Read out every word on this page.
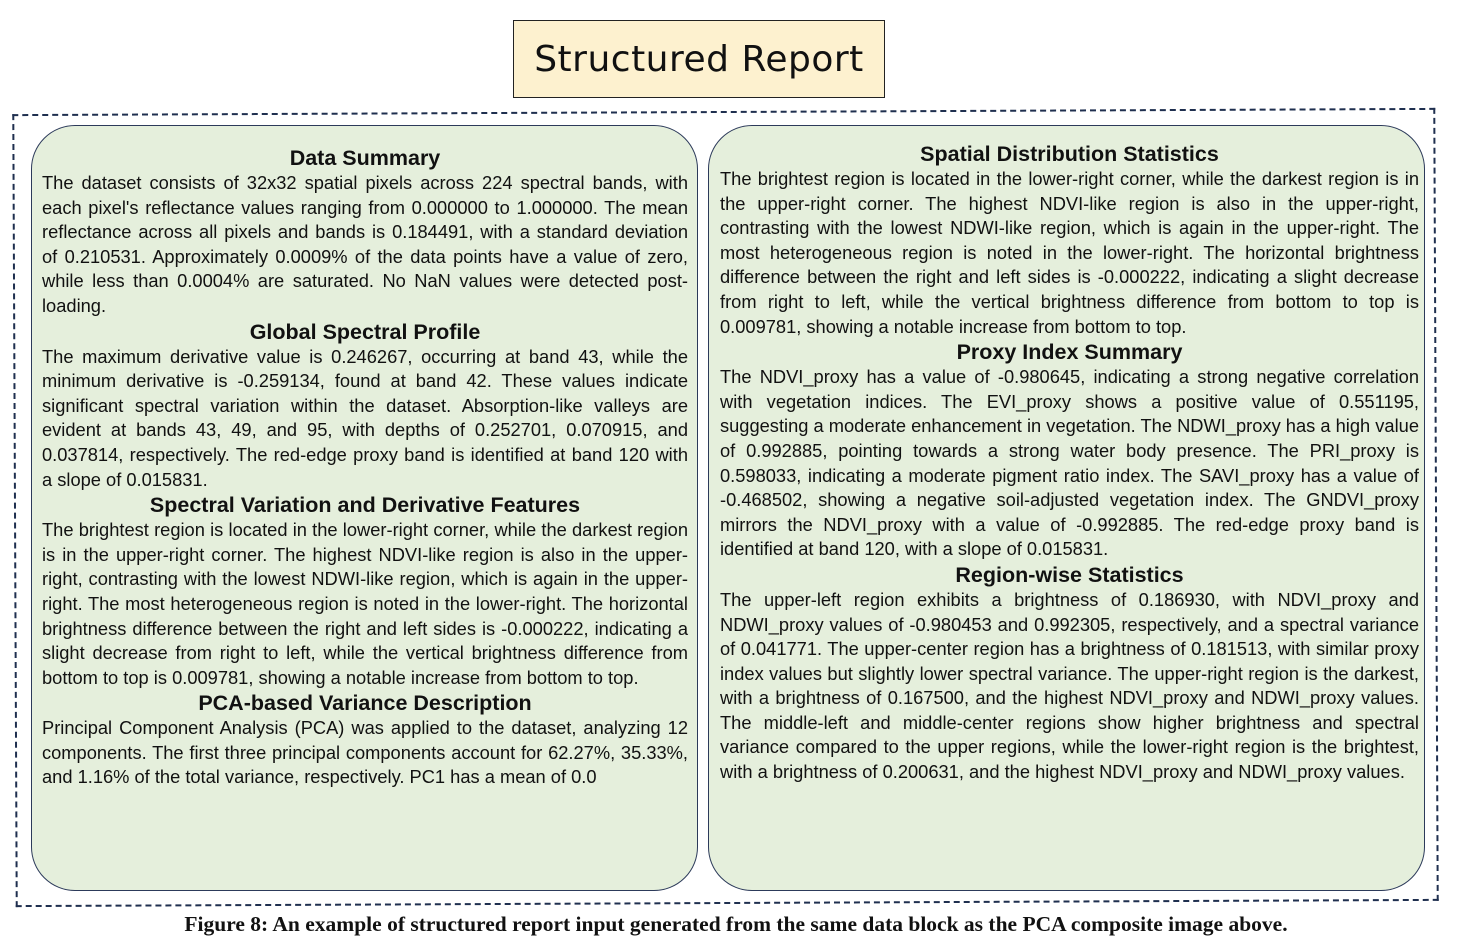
Structured Report
Data Summary

The dataset consists of 32x32 spatial pixels across 224 spectral bands, with each pixel's reflectance values ranging from 0.000000 to 1.000000. The mean reflectance across all pixels and bands is 0.184491, with a standard deviation of 0.210531. Approximately 0.0009% of the data points have a value of zero, while less than 0.0004% are saturated. No NaN values were detected post-loading.

Global Spectral Profile

The maximum derivative value is 0.246267, occurring at band 43, while the minimum derivative is -0.259134, found at band 42. These values indicate significant spectral variation within the dataset. Absorption-like valleys are evident at bands 43, 49, and 95, with depths of 0.252701, 0.070915, and 0.037814, respectively. The red-edge proxy band is identified at band 120 with a slope of 0.015831.

Spectral Variation and Derivative Features

The brightest region is located in the lower-right corner, while the darkest region is in the upper-right corner. The highest NDVI-like region is also in the upper-right, contrasting with the lowest NDWI-like region, which is again in the upper-right. The most heterogeneous region is noted in the lower-right. The horizontal brightness difference between the right and left sides is -0.000222, indicating a slight decrease from right to left, while the vertical brightness difference from bottom to top is 0.009781, showing a notable increase from bottom to top.

PCA-based Variance Description

Principal Component Analysis (PCA) was applied to the dataset, analyzing 12 components. The first three principal components account for 62.27%, 35.33%, and 1.16% of the total variance, respectively. PC1 has a mean of 0.0

Spatial Distribution Statistics

The brightest region is located in the lower-right corner, while the darkest region is in the upper-right corner. The highest NDVI-like region is also in the upper-right, contrasting with the lowest NDWI-like region, which is again in the upper-right. The most heterogeneous region is noted in the lower-right. The horizontal brightness difference between the right and left sides is -0.000222, indicating a slight decrease from right to left, while the vertical brightness difference from bottom to top is 0.009781, showing a notable increase from bottom to top.

Proxy Index Summary

The NDVI_proxy has a value of -0.980645, indicating a strong negative correlation with vegetation indices. The EVI_proxy shows a positive value of 0.551195, suggesting a moderate enhancement in vegetation. The NDWI_proxy has a high value of 0.992885, pointing towards a strong water body presence. The PRI_proxy is 0.598033, indicating a moderate pigment ratio index. The SAVI_proxy has a value of -0.468502, showing a negative soil-adjusted vegetation index. The GNDVI_proxy mirrors the NDVI_proxy with a value of -0.992885. The red-edge proxy band is identified at band 120, with a slope of 0.015831.

Region-wise Statistics

The upper-left region exhibits a brightness of 0.186930, with NDVI_proxy and NDWI_proxy values of -0.980453 and 0.992305, respectively, and a spectral variance of 0.041771. The upper-center region has a brightness of 0.181513, with similar proxy index values but slightly lower spectral variance. The upper-right region is the darkest, with a brightness of 0.167500, and the highest NDVI_proxy and NDWI_proxy values. The middle-left and middle-center regions show higher brightness and spectral variance compared to the upper regions, while the lower-right region is the brightest, with a brightness of 0.200631, and the highest NDVI_proxy and NDWI_proxy values.

Figure 8: An example of structured report input generated from the same data block as the PCA composite image above.
